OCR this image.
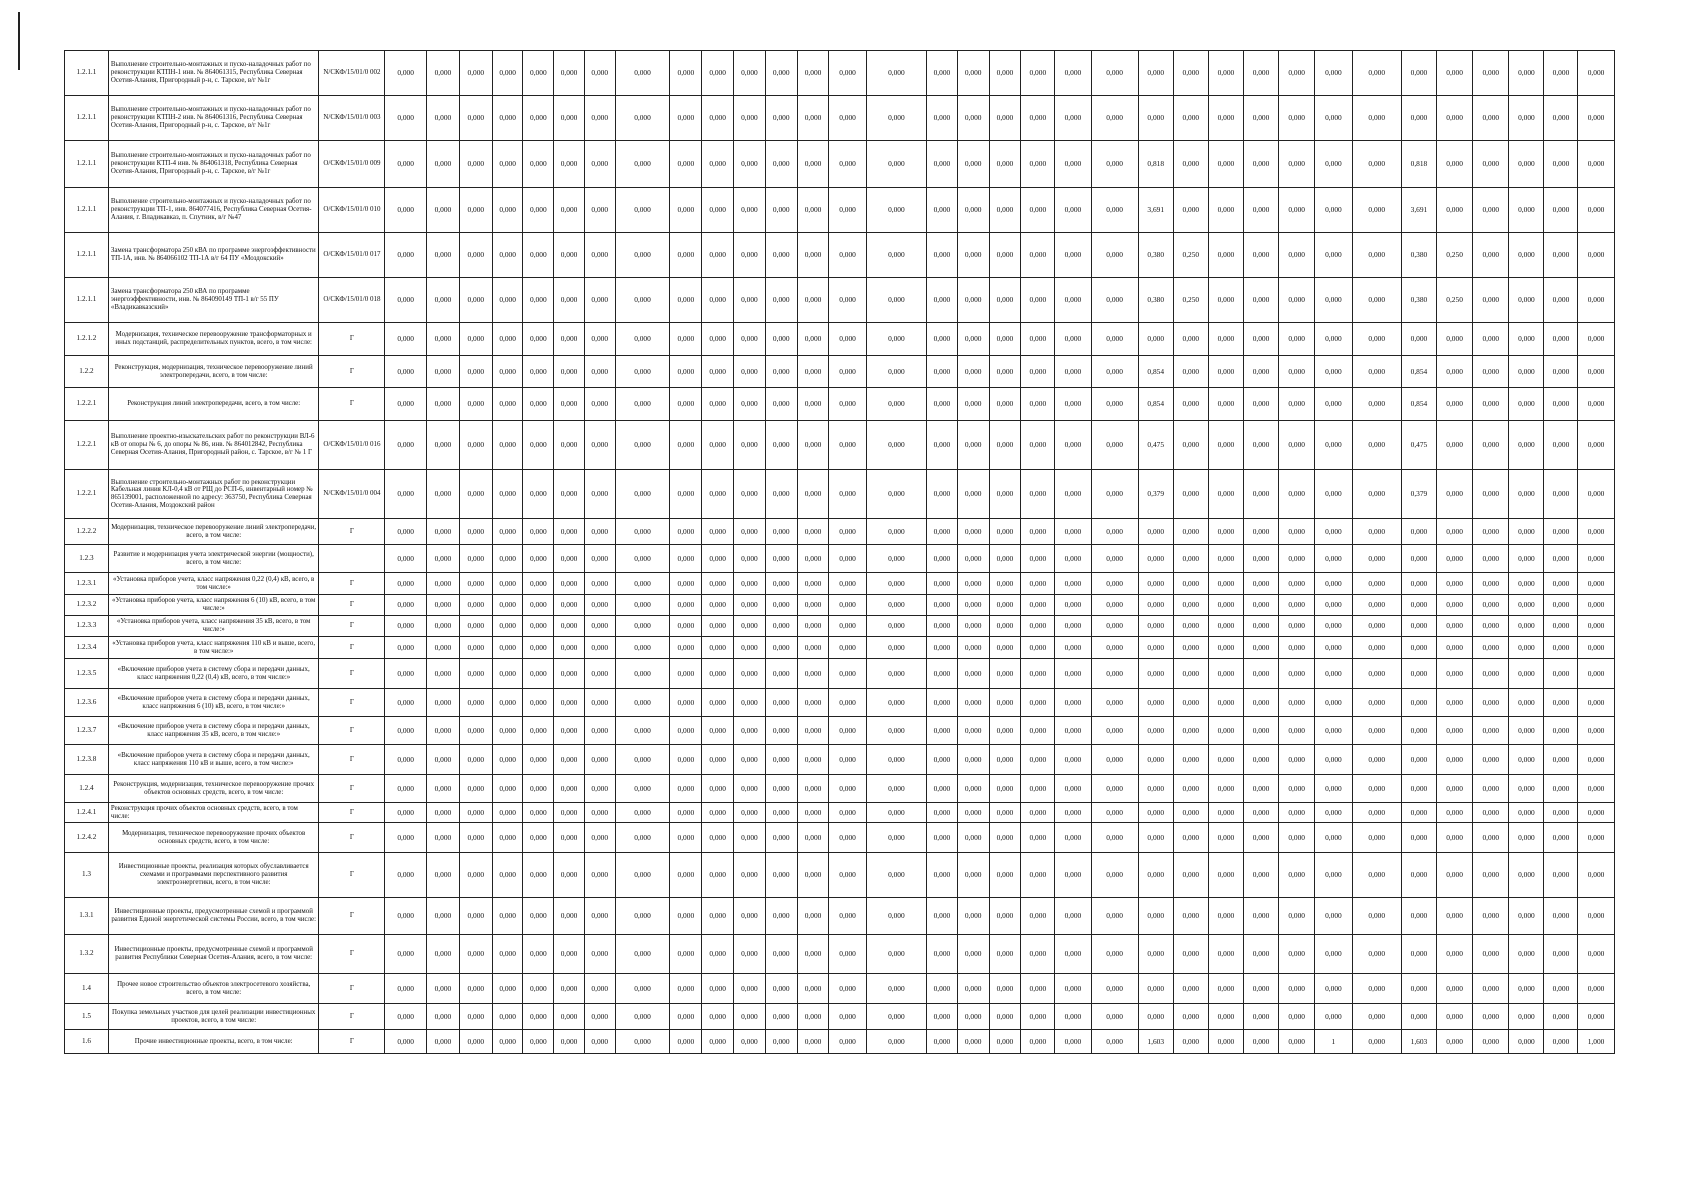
1.2.1.1	Выполнение строительно-монтажных и пуско-наладочных работ по реконструкции КТПН-1 инв. № 864061315, Республика Северная Осетия-Алания, Пригородный р-н, с. Тарское, в/г №1г	N/СКФ/15/01/0 002	0,000	0,000	0,000	0,000	0,000	0,000	0,000	0,000	0,000	0,000	0,000	0,000	0,000	0,000	0,000	0,000	0,000	0,000	0,000	0,000	0,000	0,000	0,000	0,000	0,000	0,000	0,000	0,000	0,000	0,000	0,000	0,000	0,000	0,000
1.2.1.1	Выполнение строительно-монтажных и пуско-наладочных работ по реконструкции КТПН-2 инв. № 864061316, Республика Северная Осетия-Алания, Пригородный р-н, с. Тарское, в/г №1г	N/СКФ/15/01/0 003	0,000	0,000	0,000	0,000	0,000	0,000	0,000	0,000	0,000	0,000	0,000	0,000	0,000	0,000	0,000	0,000	0,000	0,000	0,000	0,000	0,000	0,000	0,000	0,000	0,000	0,000	0,000	0,000	0,000	0,000	0,000	0,000	0,000	0,000
1.2.1.1	Выполнение строительно-монтажных и пуско-наладочных работ по реконструкции КТП-4 инв. № 864061318, Республика Северная Осетия-Алания, Пригородный р-н, с. Тарское, в/г №1г	O/СКФ/15/01/0 009	0,000	0,000	0,000	0,000	0,000	0,000	0,000	0,000	0,000	0,000	0,000	0,000	0,000	0,000	0,000	0,000	0,000	0,000	0,000	0,000	0,000	0,818	0,000	0,000	0,000	0,000	0,000	0,000	0,818	0,000	0,000	0,000	0,000	0,000
1.2.1.1	Выполнение строительно-монтажных и пуско-наладочных работ по реконструкции ТП-1, инв. 864077416, Республика Северная Осетия-Алания, г. Владикавказ, п. Спутник, в/г №47	O/СКФ/15/01/0 010	0,000	0,000	0,000	0,000	0,000	0,000	0,000	0,000	0,000	0,000	0,000	0,000	0,000	0,000	0,000	0,000	0,000	0,000	0,000	0,000	0,000	3,691	0,000	0,000	0,000	0,000	0,000	0,000	3,691	0,000	0,000	0,000	0,000	0,000
1.2.1.1	Замена трансформатора 250 кВА по программе энергоэффективности ТП-1А, инв. № 864066102 ТП-1А в/г 64 ПУ «Моздокский»	O/СКФ/15/01/0 017	0,000	0,000	0,000	0,000	0,000	0,000	0,000	0,000	0,000	0,000	0,000	0,000	0,000	0,000	0,000	0,000	0,000	0,000	0,000	0,000	0,000	0,380	0,250	0,000	0,000	0,000	0,000	0,000	0,380	0,250	0,000	0,000	0,000	0,000
1.2.1.1	Замена трансформатора 250 кВА по программе энергоэффективности, инв. № 864090149 ТП-1 в/г 55 ПУ «Владикавказский»	O/СКФ/15/01/0 018	0,000	0,000	0,000	0,000	0,000	0,000	0,000	0,000	0,000	0,000	0,000	0,000	0,000	0,000	0,000	0,000	0,000	0,000	0,000	0,000	0,000	0,380	0,250	0,000	0,000	0,000	0,000	0,000	0,380	0,250	0,000	0,000	0,000	0,000
1.2.1.2	Модернизация, техническое перевооружение трансформаторных и иных подстанций, распределительных пунктов, всего, в том числе:	Г	0,000	0,000	0,000	0,000	0,000	0,000	0,000	0,000	0,000	0,000	0,000	0,000	0,000	0,000	0,000	0,000	0,000	0,000	0,000	0,000	0,000	0,000	0,000	0,000	0,000	0,000	0,000	0,000	0,000	0,000	0,000	0,000	0,000	0,000
1.2.2	Реконструкция, модернизация, техническое перевооружение линий электропередачи, всего, в том числе:	Г	0,000	0,000	0,000	0,000	0,000	0,000	0,000	0,000	0,000	0,000	0,000	0,000	0,000	0,000	0,000	0,000	0,000	0,000	0,000	0,000	0,000	0,854	0,000	0,000	0,000	0,000	0,000	0,000	0,854	0,000	0,000	0,000	0,000	0,000
1.2.2.1	Реконструкция линий электропередачи, всего, в том числе:	Г	0,000	0,000	0,000	0,000	0,000	0,000	0,000	0,000	0,000	0,000	0,000	0,000	0,000	0,000	0,000	0,000	0,000	0,000	0,000	0,000	0,000	0,854	0,000	0,000	0,000	0,000	0,000	0,000	0,854	0,000	0,000	0,000	0,000	0,000
1.2.2.1	Выполнение проектно-изыскательских работ по реконструкции ВЛ-6 кВ от опоры № 6, до опоры № 86, инв. № 864012842, Республика Северная Осетия-Алания, Пригородный район, с. Тарское, в/г № 1 Г	O/СКФ/15/01/0 016	0,000	0,000	0,000	0,000	0,000	0,000	0,000	0,000	0,000	0,000	0,000	0,000	0,000	0,000	0,000	0,000	0,000	0,000	0,000	0,000	0,000	0,475	0,000	0,000	0,000	0,000	0,000	0,000	0,475	0,000	0,000	0,000	0,000	0,000
1.2.2.1	Выполнение строительно-монтажных работ по реконструкции Кабельная линия КЛ-0,4 кВ от РЩ до РСП-6, инвентарный номер № 865139001, расположенной по адресу: 363750, Республика Северная Осетия-Алания, Моздокский район	N/СКФ/15/01/0 004	0,000	0,000	0,000	0,000	0,000	0,000	0,000	0,000	0,000	0,000	0,000	0,000	0,000	0,000	0,000	0,000	0,000	0,000	0,000	0,000	0,000	0,379	0,000	0,000	0,000	0,000	0,000	0,000	0,379	0,000	0,000	0,000	0,000	0,000
1.2.2.2	Модернизация, техническое перевооружение линий электропередачи, всего, в том числе:	Г	0,000	0,000	0,000	0,000	0,000	0,000	0,000	0,000	0,000	0,000	0,000	0,000	0,000	0,000	0,000	0,000	0,000	0,000	0,000	0,000	0,000	0,000	0,000	0,000	0,000	0,000	0,000	0,000	0,000	0,000	0,000	0,000	0,000	0,000
1.2.3	Развитие и модернизация учета электрической энергии (мощности), всего, в том числе:		0,000	0,000	0,000	0,000	0,000	0,000	0,000	0,000	0,000	0,000	0,000	0,000	0,000	0,000	0,000	0,000	0,000	0,000	0,000	0,000	0,000	0,000	0,000	0,000	0,000	0,000	0,000	0,000	0,000	0,000	0,000	0,000	0,000	0,000
1.2.3.1	«Установка приборов учета, класс напряжения 0,22 (0,4) кВ, всего, в том числе:»	Г	0,000	0,000	0,000	0,000	0,000	0,000	0,000	0,000	0,000	0,000	0,000	0,000	0,000	0,000	0,000	0,000	0,000	0,000	0,000	0,000	0,000	0,000	0,000	0,000	0,000	0,000	0,000	0,000	0,000	0,000	0,000	0,000	0,000	0,000
1.2.3.2	«Установка приборов учета, класс напряжения 6 (10) кВ, всего, в том числе:»	Г	0,000	0,000	0,000	0,000	0,000	0,000	0,000	0,000	0,000	0,000	0,000	0,000	0,000	0,000	0,000	0,000	0,000	0,000	0,000	0,000	0,000	0,000	0,000	0,000	0,000	0,000	0,000	0,000	0,000	0,000	0,000	0,000	0,000	0,000
1.2.3.3	«Установка приборов учета, класс напряжения 35 кВ, всего, в том числе:»	Г	0,000	0,000	0,000	0,000	0,000	0,000	0,000	0,000	0,000	0,000	0,000	0,000	0,000	0,000	0,000	0,000	0,000	0,000	0,000	0,000	0,000	0,000	0,000	0,000	0,000	0,000	0,000	0,000	0,000	0,000	0,000	0,000	0,000	0,000
1.2.3.4	«Установка приборов учета, класс напряжения 110 кВ и выше, всего, в том числе:»	Г	0,000	0,000	0,000	0,000	0,000	0,000	0,000	0,000	0,000	0,000	0,000	0,000	0,000	0,000	0,000	0,000	0,000	0,000	0,000	0,000	0,000	0,000	0,000	0,000	0,000	0,000	0,000	0,000	0,000	0,000	0,000	0,000	0,000	0,000
1.2.3.5	«Включение приборов учета в систему сбора и передачи данных, класс напряжения 0,22 (0,4) кВ, всего, в том числе:»	Г	0,000	0,000	0,000	0,000	0,000	0,000	0,000	0,000	0,000	0,000	0,000	0,000	0,000	0,000	0,000	0,000	0,000	0,000	0,000	0,000	0,000	0,000	0,000	0,000	0,000	0,000	0,000	0,000	0,000	0,000	0,000	0,000	0,000	0,000
1.2.3.6	«Включение приборов учета в систему сбора и передачи данных, класс напряжения 6 (10) кВ, всего, в том числе:»	Г	0,000	0,000	0,000	0,000	0,000	0,000	0,000	0,000	0,000	0,000	0,000	0,000	0,000	0,000	0,000	0,000	0,000	0,000	0,000	0,000	0,000	0,000	0,000	0,000	0,000	0,000	0,000	0,000	0,000	0,000	0,000	0,000	0,000	0,000
1.2.3.7	«Включение приборов учета в систему сбора и передачи данных, класс напряжения 35 кВ, всего, в том числе:»	Г	0,000	0,000	0,000	0,000	0,000	0,000	0,000	0,000	0,000	0,000	0,000	0,000	0,000	0,000	0,000	0,000	0,000	0,000	0,000	0,000	0,000	0,000	0,000	0,000	0,000	0,000	0,000	0,000	0,000	0,000	0,000	0,000	0,000	0,000
1.2.3.8	«Включение приборов учета в систему сбора и передачи данных, класс напряжения 110 кВ и выше, всего, в том числе:»	Г	0,000	0,000	0,000	0,000	0,000	0,000	0,000	0,000	0,000	0,000	0,000	0,000	0,000	0,000	0,000	0,000	0,000	0,000	0,000	0,000	0,000	0,000	0,000	0,000	0,000	0,000	0,000	0,000	0,000	0,000	0,000	0,000	0,000	0,000
1.2.4	Реконструкция, модернизация, техническое перевооружение прочих объектов основных средств, всего, в том числе:	Г	0,000	0,000	0,000	0,000	0,000	0,000	0,000	0,000	0,000	0,000	0,000	0,000	0,000	0,000	0,000	0,000	0,000	0,000	0,000	0,000	0,000	0,000	0,000	0,000	0,000	0,000	0,000	0,000	0,000	0,000	0,000	0,000	0,000	0,000
1.2.4.1	Реконструкция прочих объектов основных средств, всего, в том числе:	Г	0,000	0,000	0,000	0,000	0,000	0,000	0,000	0,000	0,000	0,000	0,000	0,000	0,000	0,000	0,000	0,000	0,000	0,000	0,000	0,000	0,000	0,000	0,000	0,000	0,000	0,000	0,000	0,000	0,000	0,000	0,000	0,000	0,000	0,000
1.2.4.2	Модернизация, техническое перевооружение прочих объектов основных средств, всего, в том числе:	Г	0,000	0,000	0,000	0,000	0,000	0,000	0,000	0,000	0,000	0,000	0,000	0,000	0,000	0,000	0,000	0,000	0,000	0,000	0,000	0,000	0,000	0,000	0,000	0,000	0,000	0,000	0,000	0,000	0,000	0,000	0,000	0,000	0,000	0,000
1.3	Инвестиционные проекты, реализация которых обуславливается схемами и программами перспективного развития электроэнергетики, всего, в том числе:	Г	0,000	0,000	0,000	0,000	0,000	0,000	0,000	0,000	0,000	0,000	0,000	0,000	0,000	0,000	0,000	0,000	0,000	0,000	0,000	0,000	0,000	0,000	0,000	0,000	0,000	0,000	0,000	0,000	0,000	0,000	0,000	0,000	0,000	0,000
1.3.1	Инвестиционные проекты, предусмотренные схемой и программой развития Единой энергетической системы России, всего, в том числе:	Г	0,000	0,000	0,000	0,000	0,000	0,000	0,000	0,000	0,000	0,000	0,000	0,000	0,000	0,000	0,000	0,000	0,000	0,000	0,000	0,000	0,000	0,000	0,000	0,000	0,000	0,000	0,000	0,000	0,000	0,000	0,000	0,000	0,000	0,000
1.3.2	Инвестиционные проекты, предусмотренные схемой и программой развития Республики Северная Осетия-Алания, всего, в том числе:	Г	0,000	0,000	0,000	0,000	0,000	0,000	0,000	0,000	0,000	0,000	0,000	0,000	0,000	0,000	0,000	0,000	0,000	0,000	0,000	0,000	0,000	0,000	0,000	0,000	0,000	0,000	0,000	0,000	0,000	0,000	0,000	0,000	0,000	0,000
1.4	Прочее новое строительство объектов электросетевого хозяйства, всего, в том числе:	Г	0,000	0,000	0,000	0,000	0,000	0,000	0,000	0,000	0,000	0,000	0,000	0,000	0,000	0,000	0,000	0,000	0,000	0,000	0,000	0,000	0,000	0,000	0,000	0,000	0,000	0,000	0,000	0,000	0,000	0,000	0,000	0,000	0,000	0,000
1.5	Покупка земельных участков для целей реализации инвестиционных проектов, всего, в том числе:	Г	0,000	0,000	0,000	0,000	0,000	0,000	0,000	0,000	0,000	0,000	0,000	0,000	0,000	0,000	0,000	0,000	0,000	0,000	0,000	0,000	0,000	0,000	0,000	0,000	0,000	0,000	0,000	0,000	0,000	0,000	0,000	0,000	0,000	0,000
1.6	Прочие инвестиционные проекты, всего, в том числе:	Г	0,000	0,000	0,000	0,000	0,000	0,000	0,000	0,000	0,000	0,000	0,000	0,000	0,000	0,000	0,000	0,000	0,000	0,000	0,000	0,000	0,000	1,603	0,000	0,000	0,000	0,000	1	0,000	1,603	0,000	0,000	0,000	0,000	1,000
